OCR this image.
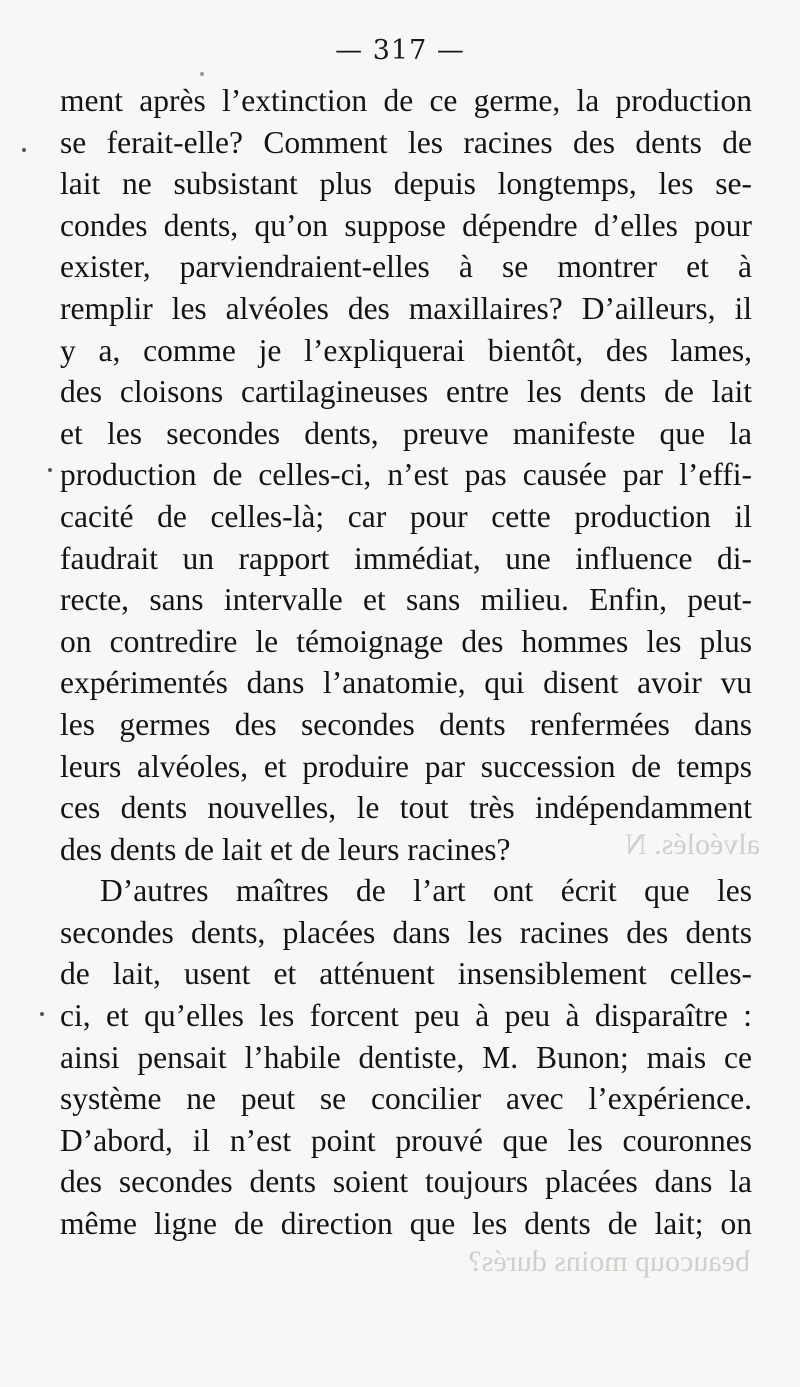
beaucoup moins durés?
alvéolés. N
— 317 —
ment après l’extinction de ce germe, la production
se ferait-elle? Comment les racines des dents de
lait ne subsistant plus depuis longtemps, les se-
condes dents, qu’on suppose dépendre d’elles pour
exister, parviendraient-elles à se montrer et à
remplir les alvéoles des maxillaires? D’ailleurs, il
y a, comme je l’expliquerai bientôt, des lames,
des cloisons cartilagineuses entre les dents de lait
et les secondes dents, preuve manifeste que la
production de celles-ci, n’est pas causée par l’effi-
cacité de celles-là; car pour cette production il
faudrait un rapport immédiat, une influence di-
recte, sans intervalle et sans milieu. Enfin, peut-
on contredire le témoignage des hommes les plus
expérimentés dans l’anatomie, qui disent avoir vu
les germes des secondes dents renfermées dans
leurs alvéoles, et produire par succession de temps
ces dents nouvelles, le tout très indépendamment
des dents de lait et de leurs racines?
D’autres maîtres de l’art ont écrit que les
secondes dents, placées dans les racines des dents
de lait, usent et atténuent insensiblement celles-
ci, et qu’elles les forcent peu à peu à disparaître :
ainsi pensait l’habile dentiste, M. Bunon; mais ce
système ne peut se concilier avec l’expérience.
D’abord, il n’est point prouvé que les couronnes
des secondes dents soient toujours placées dans la
même ligne de direction que les dents de lait; on
